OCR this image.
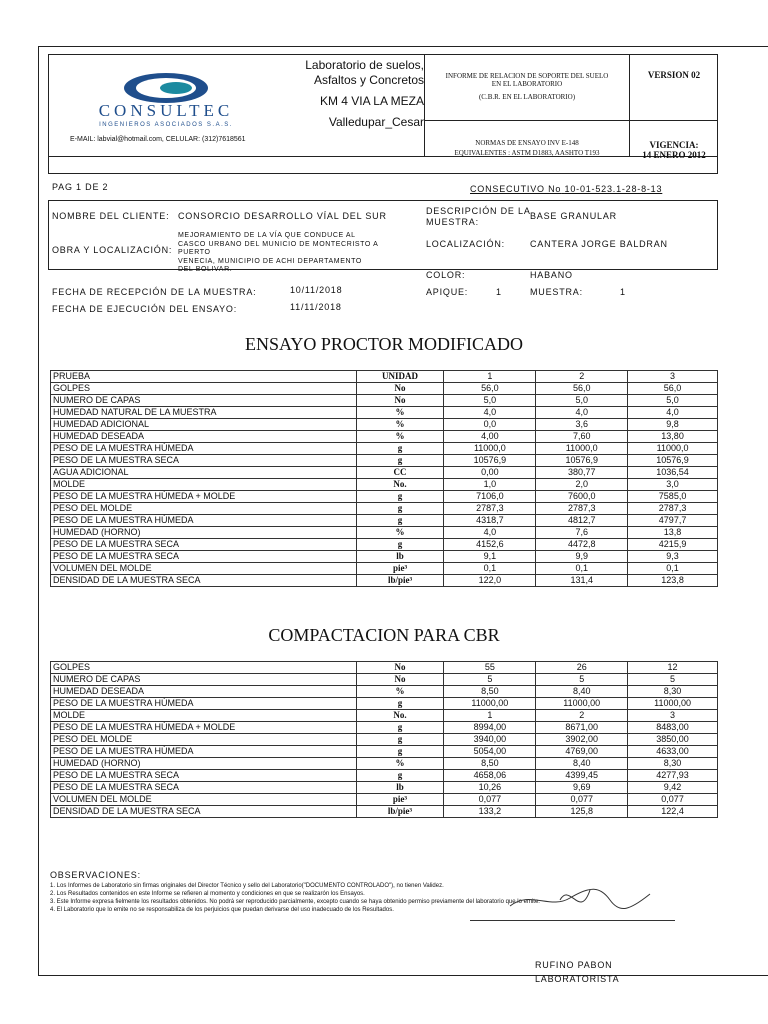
CONSULTEC
INGENIEROS ASOCIADOS S.A.S.
E-MAIL: labvial@hotmail.com, CELULAR: (312)7618561
Laboratorio de suelos,
Asfaltos y Concretos
KM 4 VIA LA MEZA
Valledupar_Cesar
INFORME DE RELACION DE SOPORTE DEL SUELO
EN EL LABORATORIO
(C.B.R. EN EL LABORATORIO)
NORMAS DE ENSAYO INV E-148
EQUIVALENTES : ASTM D1883, AASHTO T193
VERSION 02
VIGENCIA:
14 ENERO 2012
PAG 1 DE 2	CONSECUTIVO No 10-01-523.1-28-8-13
NOMBRE DEL CLIENTE: CONSORCIO DESARROLLO VÍAL DEL SUR	DESCRIPCIÓN DE LA
MUESTRA:
BASE GRANULAR
OBRA Y LOCALIZACIÓN:
MEJORAMIENTO DE LA VÍA QUE CONDUCE AL
CASCO URBANO DEL MUNICIO DE MONTECRISTO A
PUERTO
VENECIA, MUNICIPIO DE ACHI DEPARTAMENTO
DEL BOLIVAR.
LOCALIZACIÓN:	CANTERA JORGE BALDRAN
COLOR:	HABANO
FECHA DE RECEPCIÓN DE LA MUESTRA:	10/11/2018	APIQUE:	1	MUESTRA:	1
FECHA DE EJECUCIÓN DEL ENSAYO:	11/11/2018
ENSAYO PROCTOR MODIFICADO
PRUEBA	UNIDAD	1	2	3
GOLPES	No	56,0	56,0	56,0
NUMERO DE CAPAS	No	5,0	5,0	5,0
HUMEDAD NATURAL DE LA MUESTRA	%	4,0	4,0	4,0
HUMEDAD ADICIONAL	%	0,0	3,6	9,8
HUMEDAD DESEADA	%	4,00	7,60	13,80
PESO DE LA MUESTRA HÚMEDA	g	11000,0	11000,0	11000,0
PESO DE LA MUESTRA SECA	g	10576,9	10576,9	10576,9
AGUA ADICIONAL	CC	0,00	380,77	1036,54
MOLDE	No.	1,0	2,0	3,0
PESO DE LA MUESTRA HÚMEDA + MOLDE	g	7106,0	7600,0	7585,0
PESO DEL MOLDE	g	2787,3	2787,3	2787,3
PESO DE LA MUESTRA HÚMEDA	g	4318,7	4812,7	4797,7
HUMEDAD (HORNO)	%	4,0	7,6	13,8
PESO DE LA MUESTRA SECA	g	4152,6	4472,8	4215,9
PESO DE LA MUESTRA SECA	lb	9,1	9,9	9,3
VOLUMEN DEL MOLDE	pie³	0,1	0,1	0,1
DENSIDAD DE LA MUESTRA SECA	lb/pie³	122,0	131,4	123,8
COMPACTACION PARA CBR
GOLPES	No	55	26	12
NUMERO DE CAPAS	No	5	5	5
HUMEDAD DESEADA	%	8,50	8,40	8,30
PESO DE LA MUESTRA HÚMEDA	g	11000,00	11000,00	11000,00
MOLDE	No.	1	2	3
PESO DE LA MUESTRA HÚMEDA + MOLDE	g	8994,00	8671,00	8483,00
PESO DEL MOLDE	g	3940,00	3902,00	3850,00
PESO DE LA MUESTRA HÚMEDA	g	5054,00	4769,00	4633,00
HUMEDAD (HORNO)	%	8,50	8,40	8,30
PESO DE LA MUESTRA SECA	g	4658,06	4399,45	4277,93
PESO DE LA MUESTRA SECA	lb	10,26	9,69	9,42
VOLUMEN DEL MOLDE	pie³	0,077	0,077	0,077
DENSIDAD DE LA MUESTRA SECA	lb/pie³	133,2	125,8	122,4
OBSERVACIONES:
1. Los Informes de Laboratorio sin firmas originales del Director Técnico y sello del Laboratorio("DOCUMENTO CONTROLADO"), no tienen Validez.
2. Los Resultados contenidos en este Informe se refieren al momento y condiciones en que se realizarón los Ensayos.
3. Este Informe expresa fielmente los resultados obtenidos. No podrá ser reproducido parcialmente, excepto cuando se haya obtenido permiso previamente del laboratorio que lo emite.
4. El Laboratorio que lo emite no se responsabiliza de los perjuicios que puedan derivarse del uso inadecuado de los Resultados.
RUFINO PABON
LABORATORISTA
